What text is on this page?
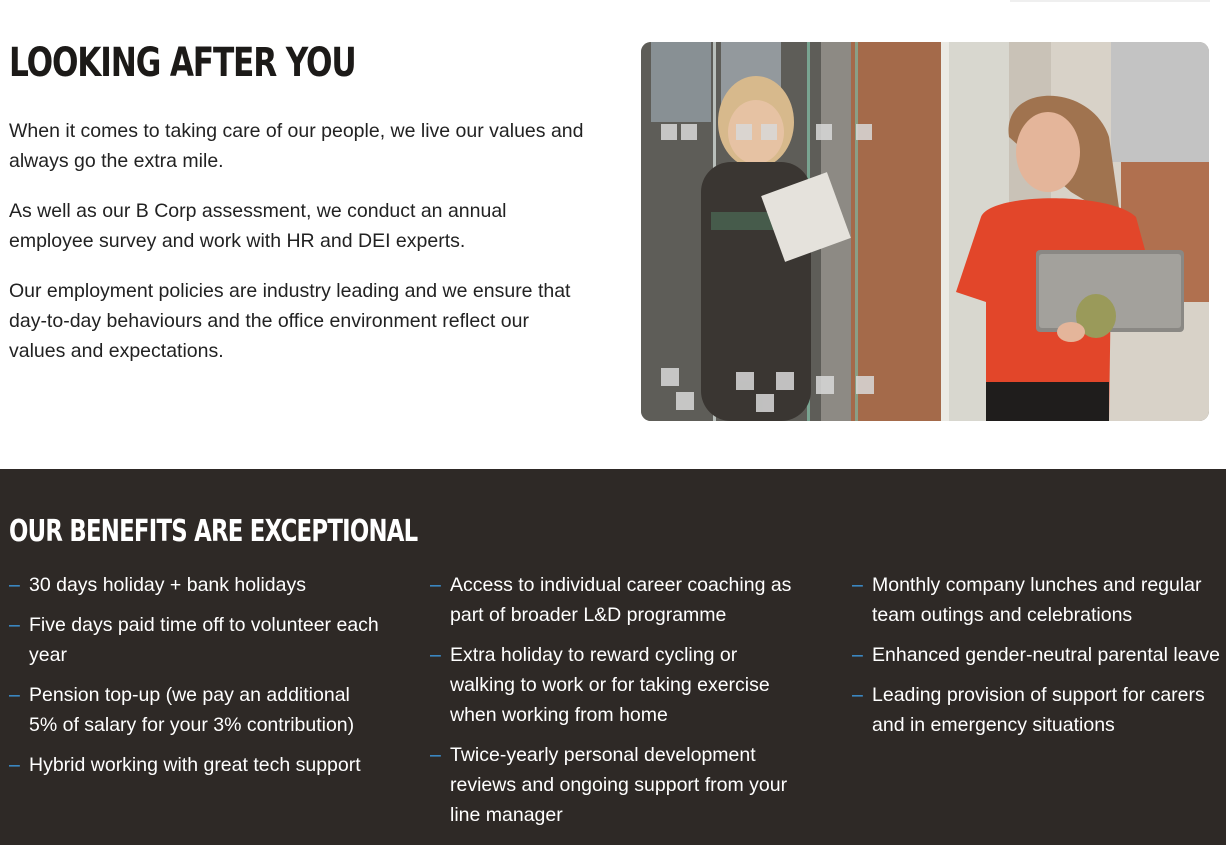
LOOKING AFTER YOU

When it comes to taking care of our people, we live our values and always go the extra mile.

As well as our B Corp assessment, we conduct an annual employee survey and work with HR and DEI experts.

Our employment policies are industry leading and we ensure that day-to-day behaviours and the office environment reflect our values and expectations.

OUR BENEFITS ARE EXCEPTIONAL
– 30 days holiday + bank holidays
– Five days paid time off to volunteer each year
– Pension top-up (we pay an additional 5% of salary for your 3% contribution)
– Hybrid working with great tech support
– Access to individual career coaching as part of broader L&D programme
– Extra holiday to reward cycling or walking to work or for taking exercise when working from home
– Twice-yearly personal development reviews and ongoing support from your line manager
– Monthly company lunches and regular team outings and celebrations
– Enhanced gender-neutral parental leave
– Leading provision of support for carers and in emergency situations
